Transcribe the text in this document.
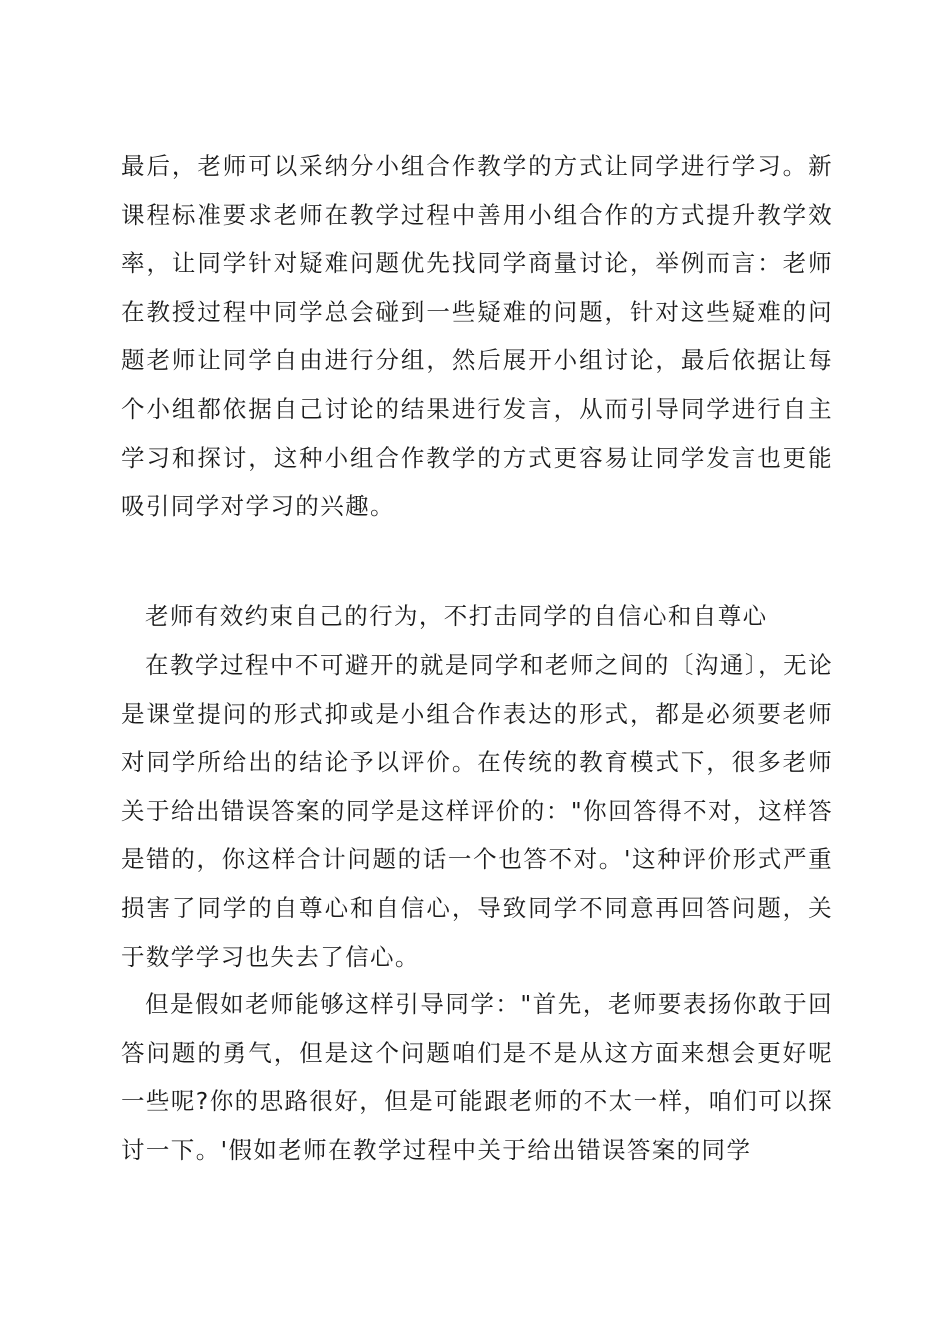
最后，老师可以采纳分小组合作教学的方式让同学进行学习。新课程标准要求老师在教学过程中善用小组合作的方式提升教学效率，让同学针对疑难问题优先找同学商量讨论，举例而言：老师在教授过程中同学总会碰到一些疑难的问题，针对这些疑难的问题老师让同学自由进行分组，然后展开小组讨论，最后依据让每个小组都依据自己讨论的结果进行发言，从而引导同学进行自主学习和探讨，这种小组合作教学的方式更容易让同学发言也更能吸引同学对学习的兴趣。

老师有效约束自己的行为，不打击同学的自信心和自尊心

在教学过程中不可避开的就是同学和老师之间的〔沟通〕，无论是课堂提问的形式抑或是小组合作表达的形式，都是必须要老师对同学所给出的结论予以评价。在传统的教育模式下，很多老师关于给出错误答案的同学是这样评价的："你回答得不对，这样答是错的，你这样合计问题的话一个也答不对。'这种评价形式严重损害了同学的自尊心和自信心，导致同学不同意再回答问题，关于数学学习也失去了信心。

但是假如老师能够这样引导同学："首先，老师要表扬你敢于回答问题的勇气，但是这个问题咱们是不是从这方面来想会更好呢一些呢?你的思路很好，但是可能跟老师的不太一样，咱们可以探讨一下。'假如老师在教学过程中关于给出错误答案的同学
